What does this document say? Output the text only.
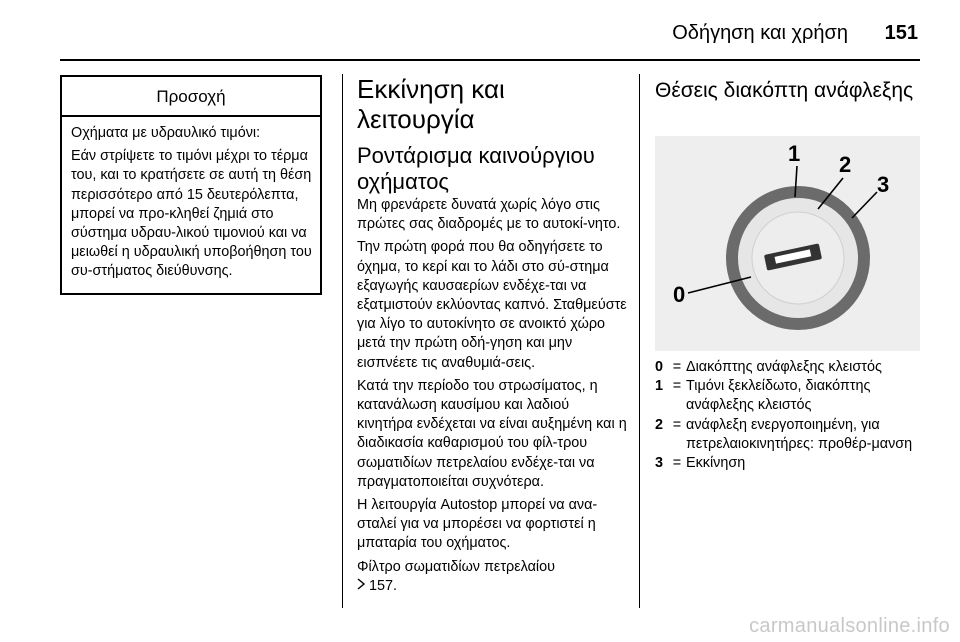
Οδήγηση και χρήση 151
Προσοχή

Οχήματα με υδραυλικό τιμόνι:

Εάν στρίψετε το τιμόνι μέχρι το τέρμα του, και το κρατήσετε σε αυτή τη θέση περισσότερο από 15 δευτερόλεπτα, μπορεί να προ-κληθεί ζημιά στο σύστημα υδραυ-λικού τιμονιού και να μειωθεί η υδραυλική υποβοήθηση του συ-στήματος διεύθυνσης.

Εκκίνηση και λειτουργία
Ροντάρισμα καινούργιου οχήματος

Μη φρενάρετε δυνατά χωρίς λόγο στις πρώτες σας διαδρομές με το αυτοκί-νητο.

Την πρώτη φορά που θα οδηγήσετε το όχημα, το κερί και το λάδι στο σύ-στημα εξαγωγής καυσαερίων ενδέχε-ται να εξατμιστούν εκλύοντας καπνό. Σταθμεύστε για λίγο το αυτοκίνητο σε ανοικτό χώρο μετά την πρώτη οδή-γηση και μην εισπνέετε τις αναθυμιά-σεις.

Κατά την περίοδο του στρωσίματος, η κατανάλωση καυσίμου και λαδιού κινητήρα ενδέχεται να είναι αυξημένη και η διαδικασία καθαρισμού του φίλ-τρου σωματιδίων πετρελαίου ενδέχε-ται να πραγματοποιείται συχνότερα.

Η λειτουργία Autostop μπορεί να ανα-σταλεί για να μπορέσει να φορτιστεί η μπαταρία του οχήματος.

Φίλτρο σωματιδίων πετρελαίου

157.

Θέσεις διακόπτη ανάφλεξης
0
1 2
3
0 = Διακόπτης ανάφλεξης κλειστός
1 = Τιμόνι ξεκλείδωτο, διακόπτης ανάφλεξης κλειστός
2 = ανάφλεξη ενεργοποιημένη, για πετρελαιοκινητήρες: προθέρ-μανση
3 = Εκκίνηση
carmanualsonline.info
